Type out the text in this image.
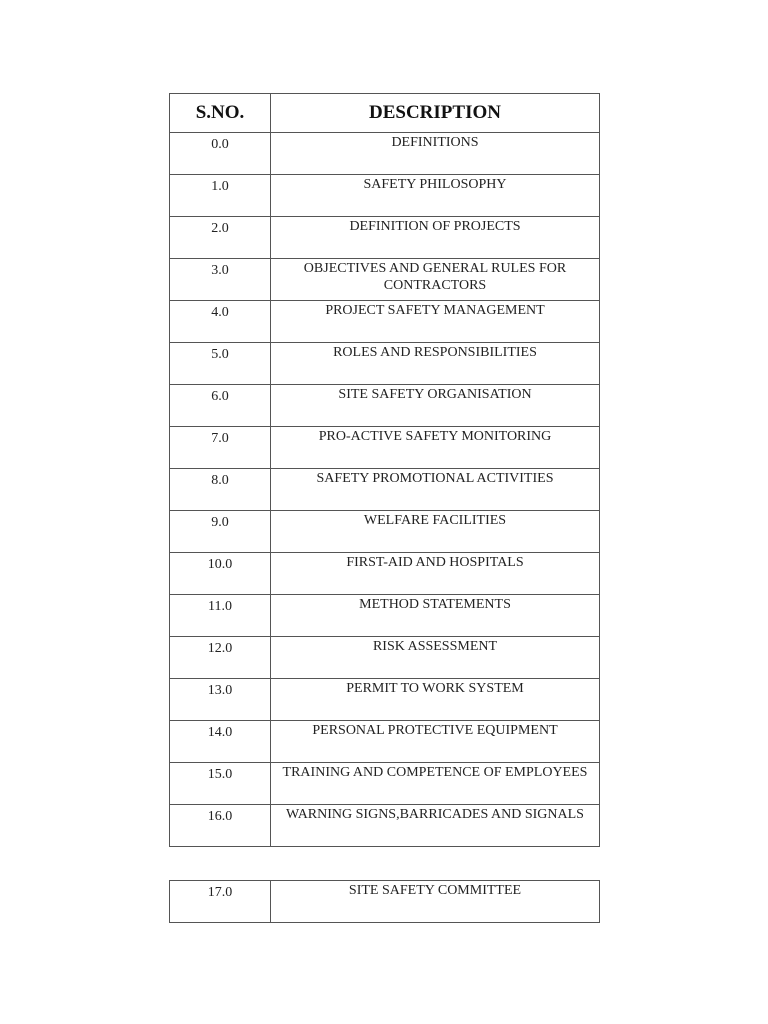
S.NO.	DESCRIPTION
0.0	DEFINITIONS
1.0	SAFETY PHILOSOPHY
2.0	DEFINITION OF PROJECTS
3.0	OBJECTIVES AND GENERAL RULES FOR CONTRACTORS
4.0	PROJECT SAFETY MANAGEMENT
5.0	ROLES AND RESPONSIBILITIES
6.0	SITE SAFETY ORGANISATION
7.0	PRO-ACTIVE SAFETY MONITORING
8.0	SAFETY PROMOTIONAL ACTIVITIES
9.0	WELFARE FACILITIES
10.0	FIRST-AID AND HOSPITALS
11.0	METHOD STATEMENTS
12.0	RISK ASSESSMENT
13.0	PERMIT TO WORK SYSTEM
14.0	PERSONAL PROTECTIVE EQUIPMENT
15.0	TRAINING AND COMPETENCE OF EMPLOYEES
16.0	WARNING SIGNS,BARRICADES AND SIGNALS
17.0	SITE SAFETY COMMITTEE
